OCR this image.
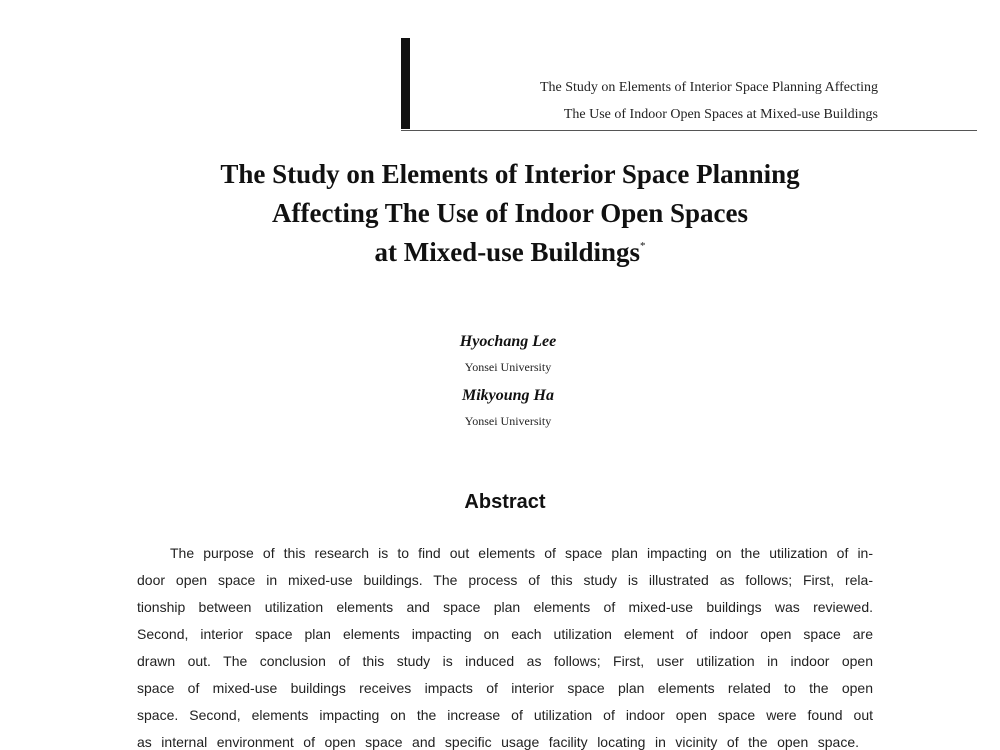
The Study on Elements of Interior Space Planning Affecting
The Use of Indoor Open Spaces at Mixed-use Buildings
The Study on Elements of Interior Space Planning
Affecting The Use of Indoor Open Spaces
at Mixed-use Buildings*
Hyochang Lee
Yonsei University
Mikyoung Ha
Yonsei University
Abstract
The purpose of this research is to find out elements of space plan impacting on the utilization of in-
door open space in mixed-use buildings. The process of this study is illustrated as follows; First, rela-
tionship between utilization elements and space plan elements of mixed-use buildings was reviewed.
Second, interior space plan elements impacting on each utilization element of indoor open space are
drawn out. The conclusion of this study is induced as follows; First, user utilization in indoor open
space of mixed-use buildings receives impacts of interior space plan elements related to the open
space. Second, elements impacting on the increase of utilization of indoor open space were found out
as internal environment of open space and specific usage facility locating in vicinity of the open space.
